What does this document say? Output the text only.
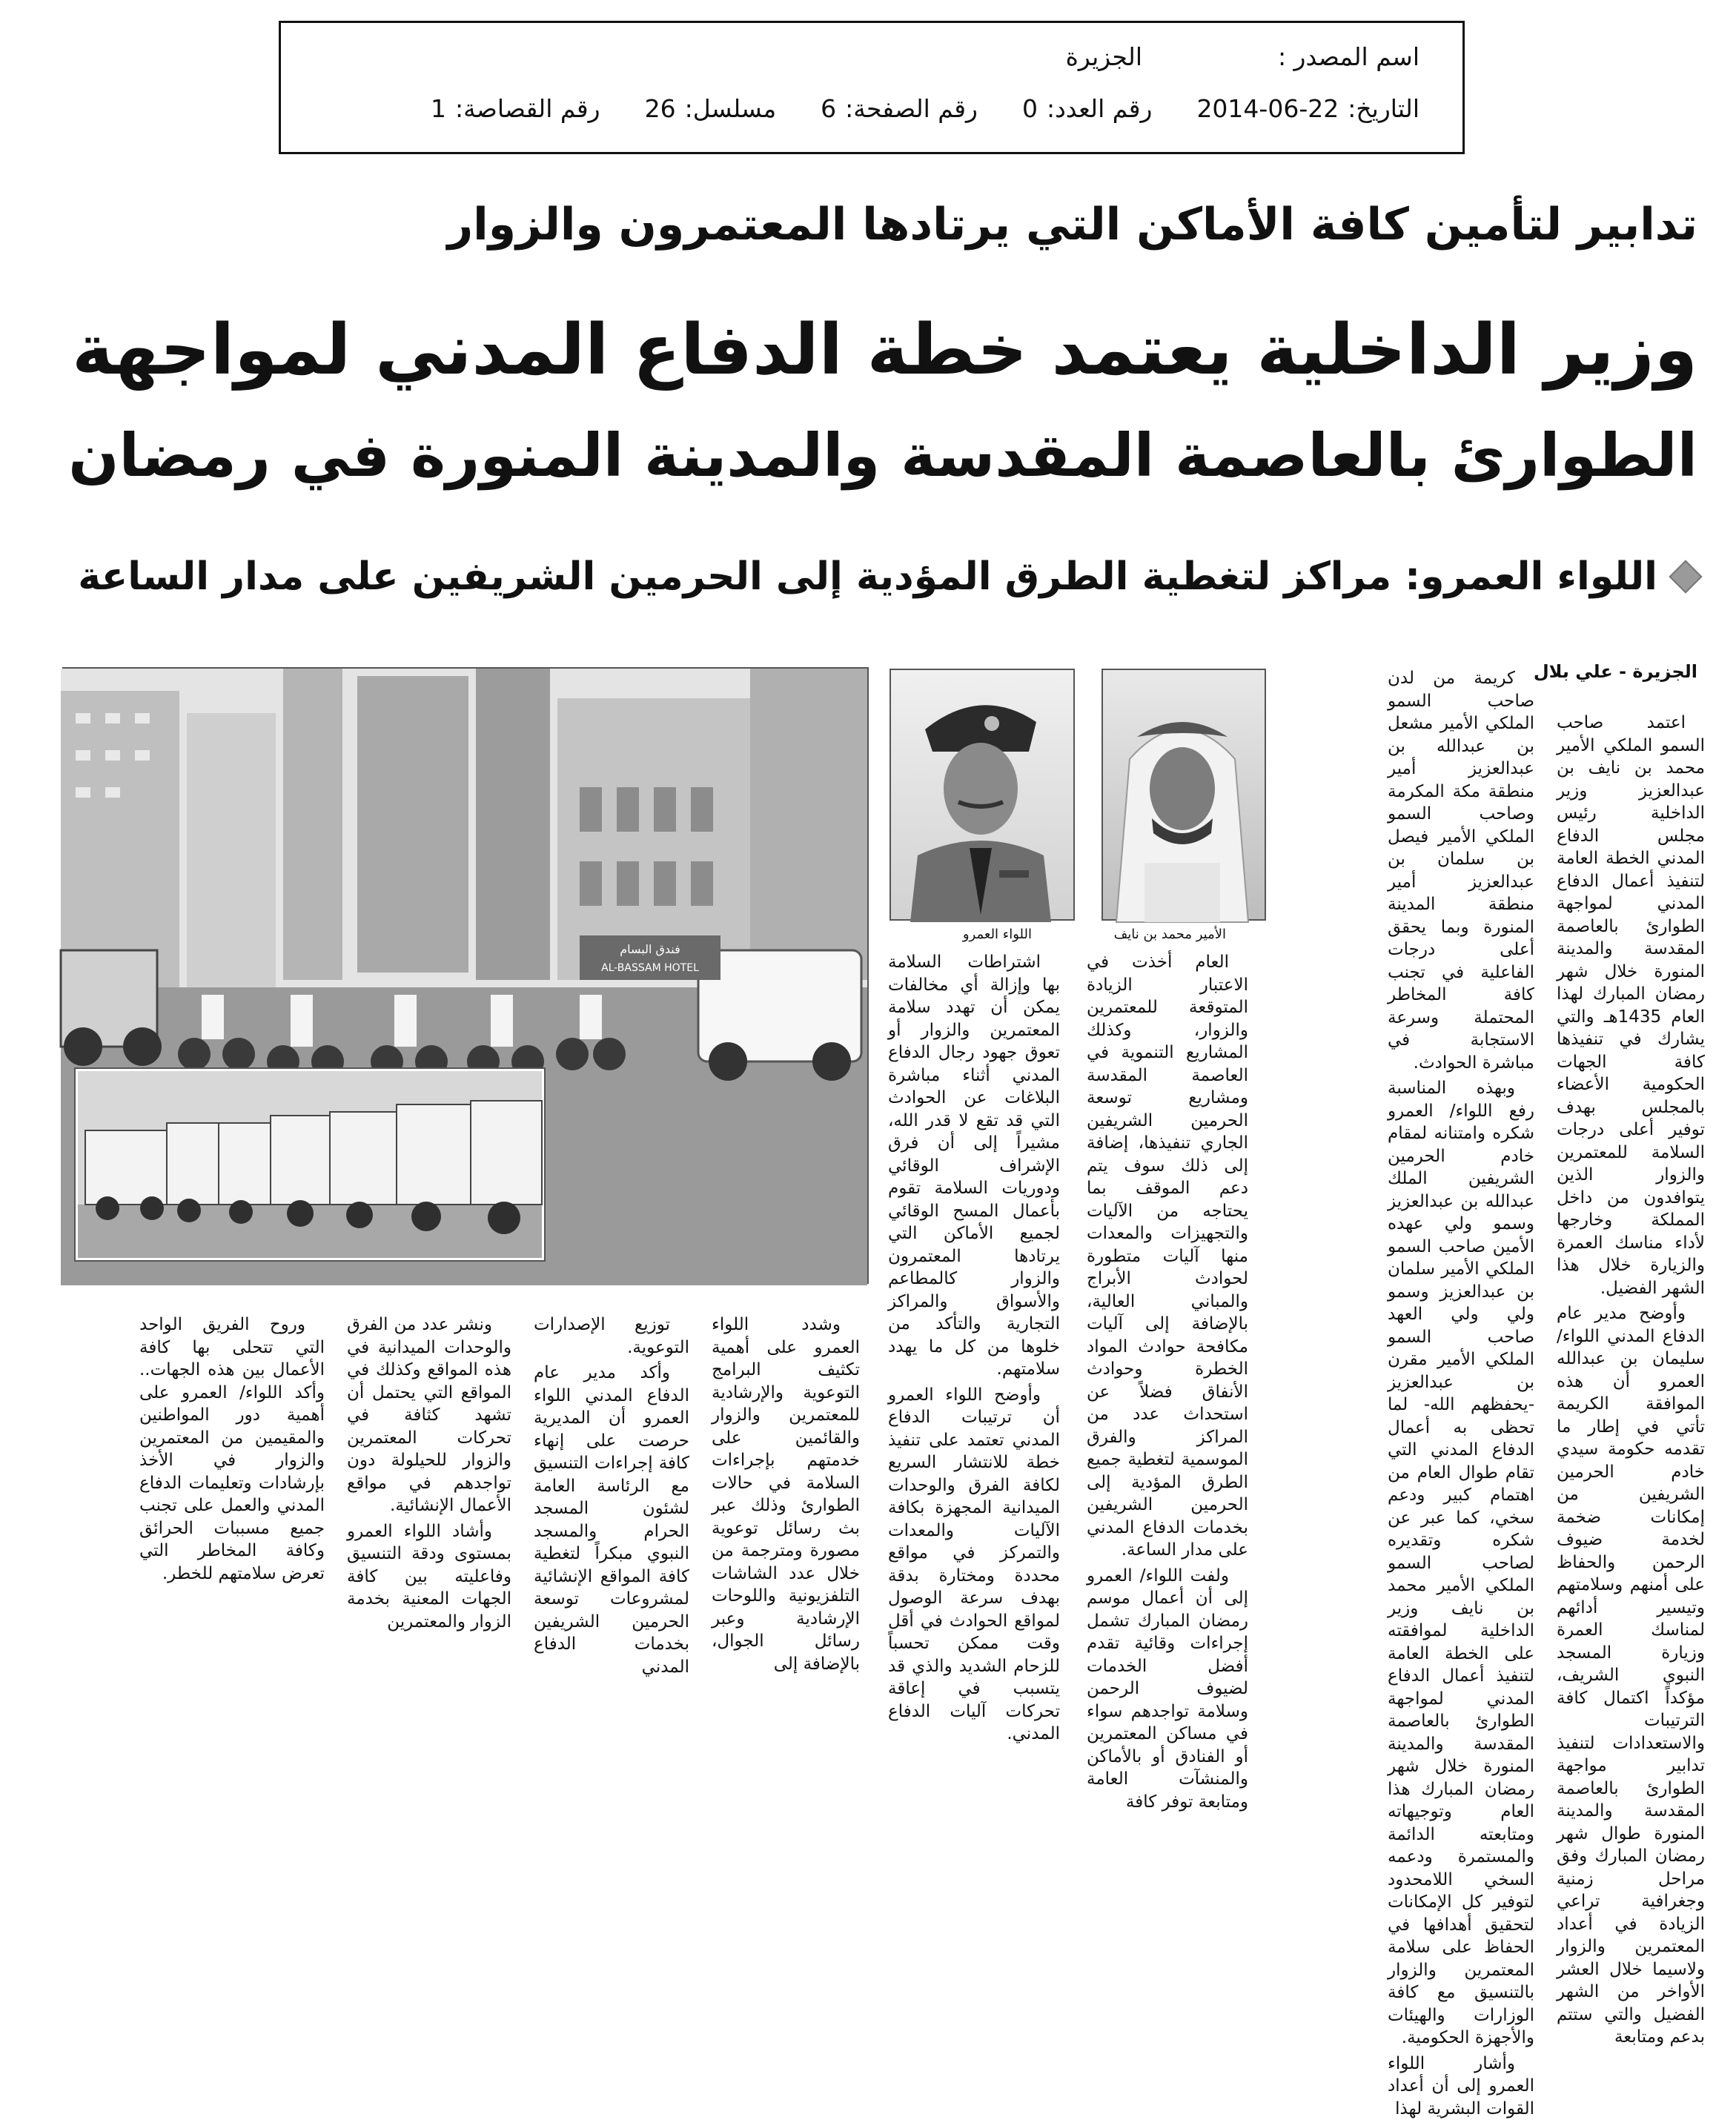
اسم المصدر :
الجزيرة
التاريخ:
2014-06-22
رقم العدد:
0
رقم الصفحة:
6
مسلسل:
26
رقم القصاصة:
1
تدابير لتأمين كافة الأماكن التي يرتادها المعتمرون والزوار
وزير الداخلية يعتمد خطة الدفاع المدني لمواجهة
الطوارئ بالعاصمة المقدسة والمدينة المنورة في رمضان
اللواء العمرو: مراكز لتغطية الطرق المؤدية إلى الحرمين الشريفين على مدار الساعة
الجزيرة - علي بلال

اعتمد صاحب السمو الملكي الأمير محمد بن نايف بن عبدالعزيز وزير الداخلية رئيس مجلس الدفاع المدني الخطة العامة لتنفيذ أعمال الدفاع المدني لمواجهة الطوارئ بالعاصمة المقدسة والمدينة المنورة خلال شهر رمضان المبارك لهذا العام 1435هـ والتي يشارك في تنفيذها كافة الجهات الحكومية الأعضاء بالمجلس بهدف توفير أعلى درجات السلامة للمعتمرين والزوار الذين يتوافدون من داخل المملكة وخارجها لأداء مناسك العمرة والزيارة خلال هذا الشهر الفضيل.

وأوضح مدير عام الدفاع المدني اللواء/ سليمان بن عبدالله العمرو أن هذه الموافقة الكريمة تأتي في إطار ما تقدمه حكومة سيدي خادم الحرمين الشريفين من إمكانات ضخمة لخدمة ضيوف الرحمن والحفاظ على أمنهم وسلامتهم وتيسير أدائهم لمناسك العمرة وزيارة المسجد النبوي الشريف، مؤكداً اكتمال كافة الترتيبات والاستعدادات لتنفيذ تدابير مواجهة الطوارئ بالعاصمة المقدسة والمدينة المنورة طوال شهر رمضان المبارك وفق مراحل زمنية وجغرافية تراعي الزيادة في أعداد المعتمرين والزوار ولاسيما خلال العشر الأواخر من الشهر الفضيل والتي ستتم بدعم ومتابعة

كريمة من لدن صاحب السمو الملكي الأمير مشعل بن عبدالله بن عبدالعزيز أمير منطقة مكة المكرمة وصاحب السمو الملكي الأمير فيصل بن سلمان بن عبدالعزيز أمير منطقة المدينة المنورة وبما يحقق أعلى درجات الفاعلية في تجنب كافة المخاطر المحتملة وسرعة الاستجابة في مباشرة الحوادث.

وبهذه المناسبة رفع اللواء/ العمرو شكره وامتنانه لمقام خادم الحرمين الشريفين الملك عبدالله بن عبدالعزيز وسمو ولي عهده الأمين صاحب السمو الملكي الأمير سلمان بن عبدالعزيز وسمو ولي ولي العهد صاحب السمو الملكي الأمير مقرن بن عبدالعزيز -يحفظهم الله- لما تحظى به أعمال الدفاع المدني التي تقام طوال العام من اهتمام كبير ودعم سخي، كما عبر عن شكره وتقديره لصاحب السمو الملكي الأمير محمد بن نايف وزير الداخلية لموافقته على الخطة العامة لتنفيذ أعمال الدفاع المدني لمواجهة الطوارئ بالعاصمة المقدسة والمدينة المنورة خلال شهر رمضان المبارك هذا العام وتوجيهاته ومتابعته الدائمة والمستمرة ودعمه السخي اللامحدود لتوفير كل الإمكانات لتحقيق أهدافها في الحفاظ على سلامة المعتمرين والزوار بالتنسيق مع كافة الوزارات والهيئات والأجهزة الحكومية.

وأشار اللواء العمرو إلى أن أعداد القوات البشرية لهذا

الأمير محمد بن نايف
اللواء العمرو

العام أخذت في الاعتبار الزيادة المتوقعة للمعتمرين والزوار، وكذلك المشاريع التنموية في العاصمة المقدسة ومشاريع توسعة الحرمين الشريفين الجاري تنفيذها، إضافة إلى ذلك سوف يتم دعم الموقف بما يحتاجه من الآليات والتجهيزات والمعدات منها آليات متطورة لحوادث الأبراج والمباني العالية، بالإضافة إلى آليات مكافحة حوادث المواد الخطرة وحوادث الأنفاق فضلاً عن استحداث عدد من المراكز والفرق الموسمية لتغطية جميع الطرق المؤدية إلى الحرمين الشريفين بخدمات الدفاع المدني على مدار الساعة.

ولفت اللواء/ العمرو إلى أن أعمال موسم رمضان المبارك تشمل إجراءات وقائية تقدم أفضل الخدمات لضيوف الرحمن وسلامة تواجدهم سواء في مساكن المعتمرين أو الفنادق أو بالأماكن والمنشآت العامة ومتابعة توفر كافة

اشتراطات السلامة بها وإزالة أي مخالفات يمكن أن تهدد سلامة المعتمرين والزوار أو تعوق جهود رجال الدفاع المدني أثناء مباشرة البلاغات عن الحوادث التي قد تقع لا قدر الله، مشيراً إلى أن فرق الإشراف الوقائي ودوريات السلامة تقوم بأعمال المسح الوقائي لجميع الأماكن التي يرتادها المعتمرون والزوار كالمطاعم والأسواق والمراكز التجارية والتأكد من خلوها من كل ما يهدد سلامتهم.

وأوضح اللواء العمرو أن ترتيبات الدفاع المدني تعتمد على تنفيذ خطة للانتشار السريع لكافة الفرق والوحدات الميدانية المجهزة بكافة الآليات والمعدات والتمركز في مواقع محددة ومختارة بدقة بهدف سرعة الوصول لمواقع الحوادث في أقل وقت ممكن تحسباً للزحام الشديد والذي قد يتسبب في إعاقة تحركات آليات الدفاع المدني.

فندق البسام
AL-BASSAM HOTEL

وشدد اللواء العمرو على أهمية تكثيف البرامج التوعوية والإرشادية للمعتمرين والزوار والقائمين على خدمتهم بإجراءات السلامة في حالات الطوارئ وذلك عبر بث رسائل توعوية مصورة ومترجمة من خلال عدد الشاشات التلفزيونية واللوحات الإرشادية وعبر رسائل الجوال، بالإضافة إلى

توزيع الإصدارات التوعوية.

وأكد مدير عام الدفاع المدني اللواء العمرو أن المديرية حرصت على إنهاء كافة إجراءات التنسيق مع الرئاسة العامة لشئون المسجد الحرام والمسجد النبوي مبكراً لتغطية كافة المواقع الإنشائية لمشروعات توسعة الحرمين الشريفين بخدمات الدفاع المدني

ونشر عدد من الفرق والوحدات الميدانية في هذه المواقع وكذلك في المواقع التي يحتمل أن تشهد كثافة في تحركات المعتمرين والزوار للحيلولة دون تواجدهم في مواقع الأعمال الإنشائية.

وأشاد اللواء العمرو بمستوى ودقة التنسيق وفاعليته بين كافة الجهات المعنية بخدمة الزوار والمعتمرين

وروح الفريق الواحد التي تتحلى بها كافة الأعمال بين هذه الجهات.. وأكد اللواء/ العمرو على أهمية دور المواطنين والمقيمين من المعتمرين والزوار في الأخذ بإرشادات وتعليمات الدفاع المدني والعمل على تجنب جميع مسببات الحرائق وكافة المخاطر التي تعرض سلامتهم للخطر.
